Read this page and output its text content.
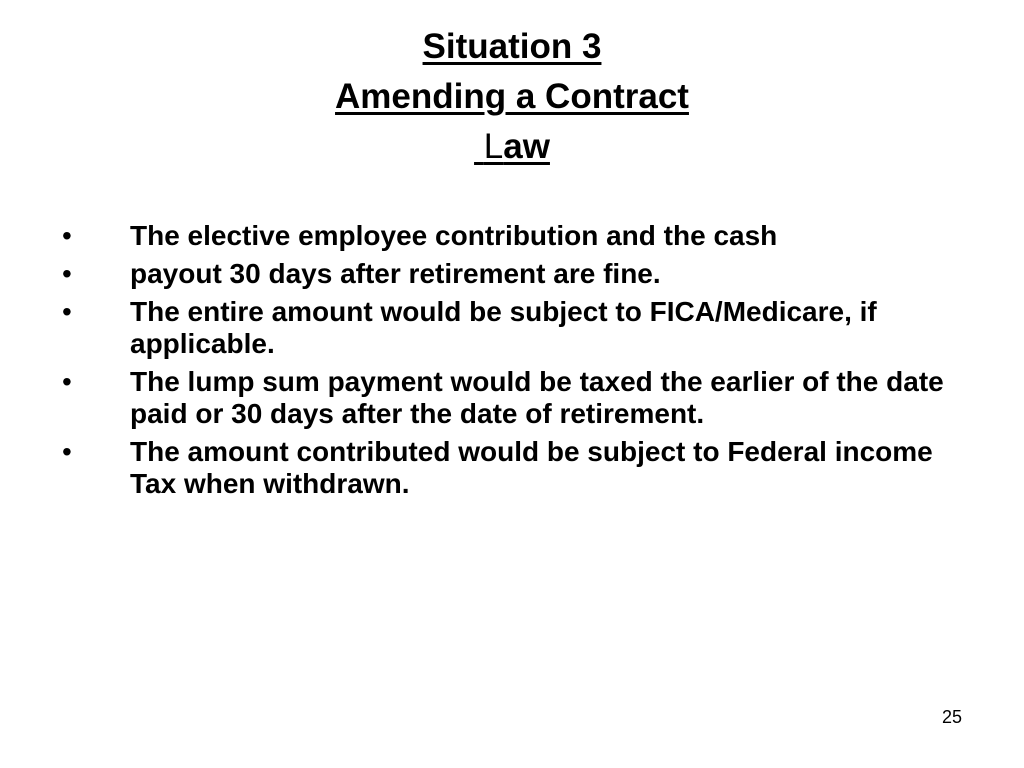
Situation 3
Amending a Contract
Law
• The elective employee contribution and the cash
• payout 30 days after retirement are fine.
• The entire amount would be subject to FICA/Medicare, if applicable.
• The lump sum payment would be taxed the earlier of the date paid or 30 days after the date of retirement.
• The amount contributed would be subject to Federal income Tax when withdrawn.
25
